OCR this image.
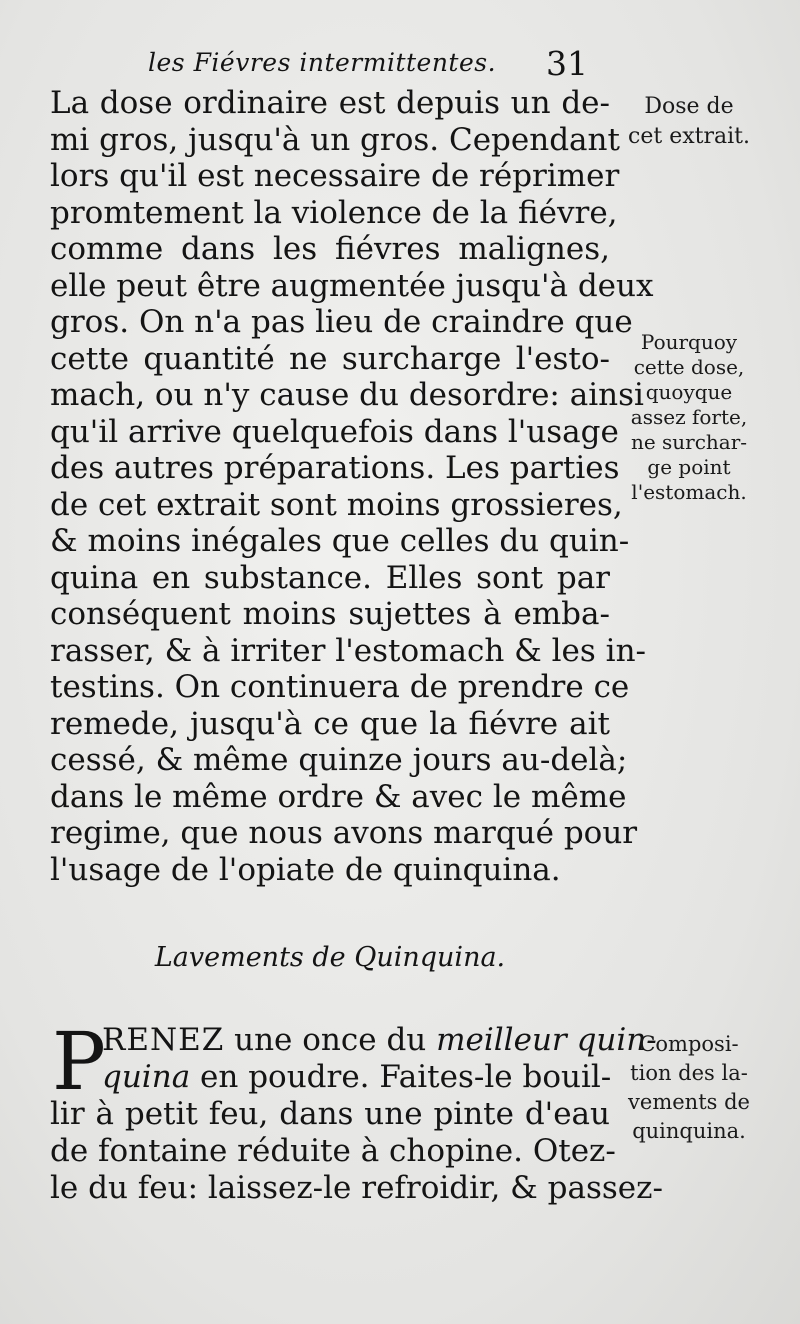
les Fiévres intermittentes. 31
La dose ordinaire est depuis un de-
mi gros, jusqu'à un gros. Cependant
lors qu'il est necessaire de réprimer
promtement la violence de la fiévre,
comme dans les fiévres malignes,
elle peut être augmentée jusqu'à deux
gros. On n'a pas lieu de craindre que
cette quantité ne surcharge l'esto-
mach, ou n'y cause du desordre: ainsi
qu'il arrive quelquefois dans l'usage
des autres préparations. Les parties
de cet extrait sont moins grossieres,
& moins inégales que celles du quin-
quina en substance. Elles sont par
conséquent moins sujettes à emba-
rasser, & à irriter l'estomach & les in-
testins. On continuera de prendre ce
remede, jusqu'à ce que la fiévre ait
cessé, & même quinze jours au-delà;
dans le même ordre & avec le même
regime, que nous avons marqué pour
l'usage de l'opiate de quinquina.
Lavements de Quinquina.
P
RENEZ une once du meilleur quin-
quina en poudre. Faites-le bouil-
lir à petit feu, dans une pinte d'eau
de fontaine réduite à chopine. Otez-
le du feu: laissez-le refroidir, & passez-
Dose de
cet extrait.
Pourquoy
cette dose,
quoyque
assez forte,
ne surchar-
ge point
l'estomach.
Composi-
tion des la-
vements de
quinquina.
